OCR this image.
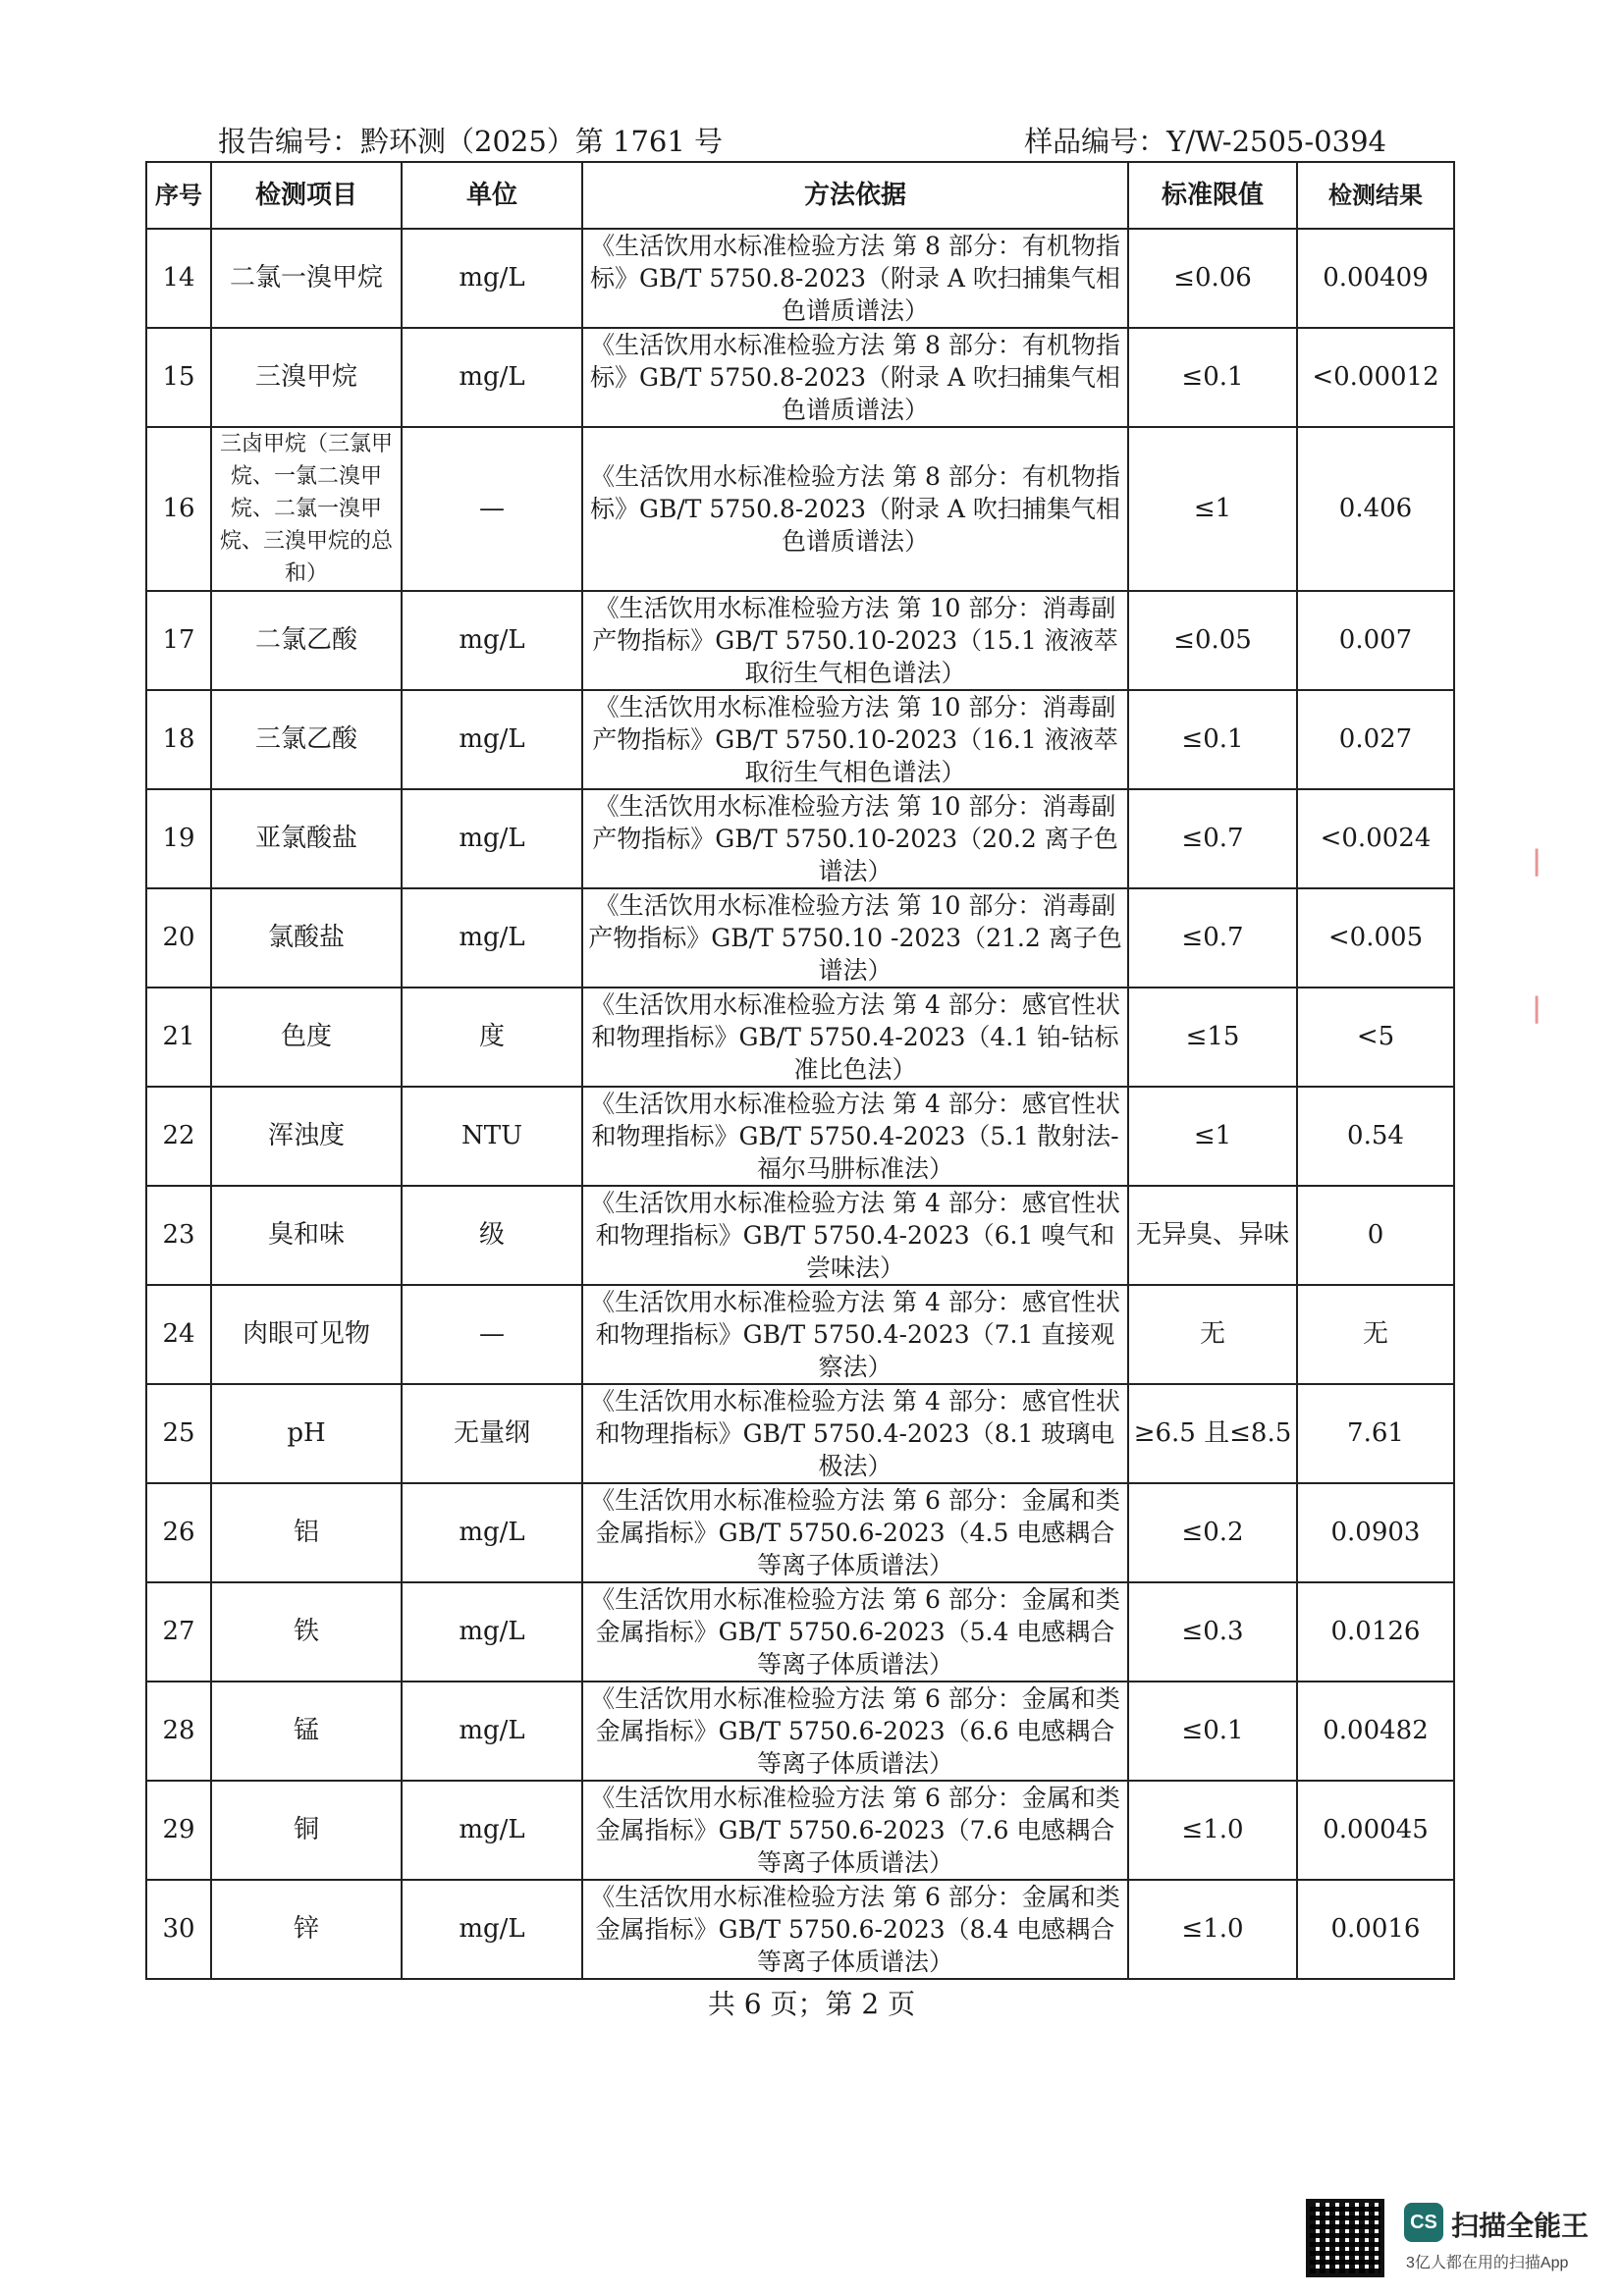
报告编号：黔环测（2025）第 1761 号	样品编号：Y/W-2505-0394
序号	检测项目	单位	方法依据	标准限值	检测结果
14	二氯一溴甲烷	mg/L	《生活饮用水标准检验方法 第 8 部分：有机物指标》GB/T 5750.8-2023（附录 A 吹扫捕集气相色谱质谱法）	≤0.06	0.00409
15	三溴甲烷	mg/L	《生活饮用水标准检验方法 第 8 部分：有机物指标》GB/T 5750.8-2023（附录 A 吹扫捕集气相色谱质谱法）	≤0.1	<0.00012
16	三卤甲烷（三氯甲烷、一氯二溴甲烷、二氯一溴甲烷、三溴甲烷的总和）	—	《生活饮用水标准检验方法 第 8 部分：有机物指标》GB/T 5750.8-2023（附录 A 吹扫捕集气相色谱质谱法）	≤1	0.406
17	二氯乙酸	mg/L	《生活饮用水标准检验方法 第 10 部分：消毒副产物指标》GB/T 5750.10-2023（15.1 液液萃取衍生气相色谱法）	≤0.05	0.007
18	三氯乙酸	mg/L	《生活饮用水标准检验方法 第 10 部分：消毒副产物指标》GB/T 5750.10-2023（16.1 液液萃取衍生气相色谱法）	≤0.1	0.027
19	亚氯酸盐	mg/L	《生活饮用水标准检验方法 第 10 部分：消毒副产物指标》GB/T 5750.10-2023（20.2 离子色谱法）	≤0.7	<0.0024
20	氯酸盐	mg/L	《生活饮用水标准检验方法 第 10 部分：消毒副产物指标》GB/T 5750.10 -2023（21.2 离子色谱法）	≤0.7	<0.005
21	色度	度	《生活饮用水标准检验方法 第 4 部分：感官性状和物理指标》GB/T 5750.4-2023（4.1 铂-钴标准比色法）	≤15	<5
22	浑浊度	NTU	《生活饮用水标准检验方法 第 4 部分：感官性状和物理指标》GB/T 5750.4-2023（5.1 散射法-福尔马肼标准法）	≤1	0.54
23	臭和味	级	《生活饮用水标准检验方法 第 4 部分：感官性状和物理指标》GB/T 5750.4-2023（6.1 嗅气和尝味法）	无异臭、异味	0
24	肉眼可见物	—	《生活饮用水标准检验方法 第 4 部分：感官性状和物理指标》GB/T 5750.4-2023（7.1 直接观察法）	无	无
25	pH	无量纲	《生活饮用水标准检验方法 第 4 部分：感官性状和物理指标》GB/T 5750.4-2023（8.1 玻璃电极法）	≥6.5 且≤8.5	7.61
26	铝	mg/L	《生活饮用水标准检验方法 第 6 部分：金属和类金属指标》GB/T 5750.6-2023（4.5 电感耦合等离子体质谱法）	≤0.2	0.0903
27	铁	mg/L	《生活饮用水标准检验方法 第 6 部分：金属和类金属指标》GB/T 5750.6-2023（5.4 电感耦合等离子体质谱法）	≤0.3	0.0126
28	锰	mg/L	《生活饮用水标准检验方法 第 6 部分：金属和类金属指标》GB/T 5750.6-2023（6.6 电感耦合等离子体质谱法）	≤0.1	0.00482
29	铜	mg/L	《生活饮用水标准检验方法 第 6 部分：金属和类金属指标》GB/T 5750.6-2023（7.6 电感耦合等离子体质谱法）	≤1.0	0.00045
30	锌	mg/L	《生活饮用水标准检验方法 第 6 部分：金属和类金属指标》GB/T 5750.6-2023（8.4 电感耦合等离子体质谱法）	≤1.0	0.0016
共 6 页；第 2 页
|
|
CS 扫描全能王
3亿人都在用的扫描App
